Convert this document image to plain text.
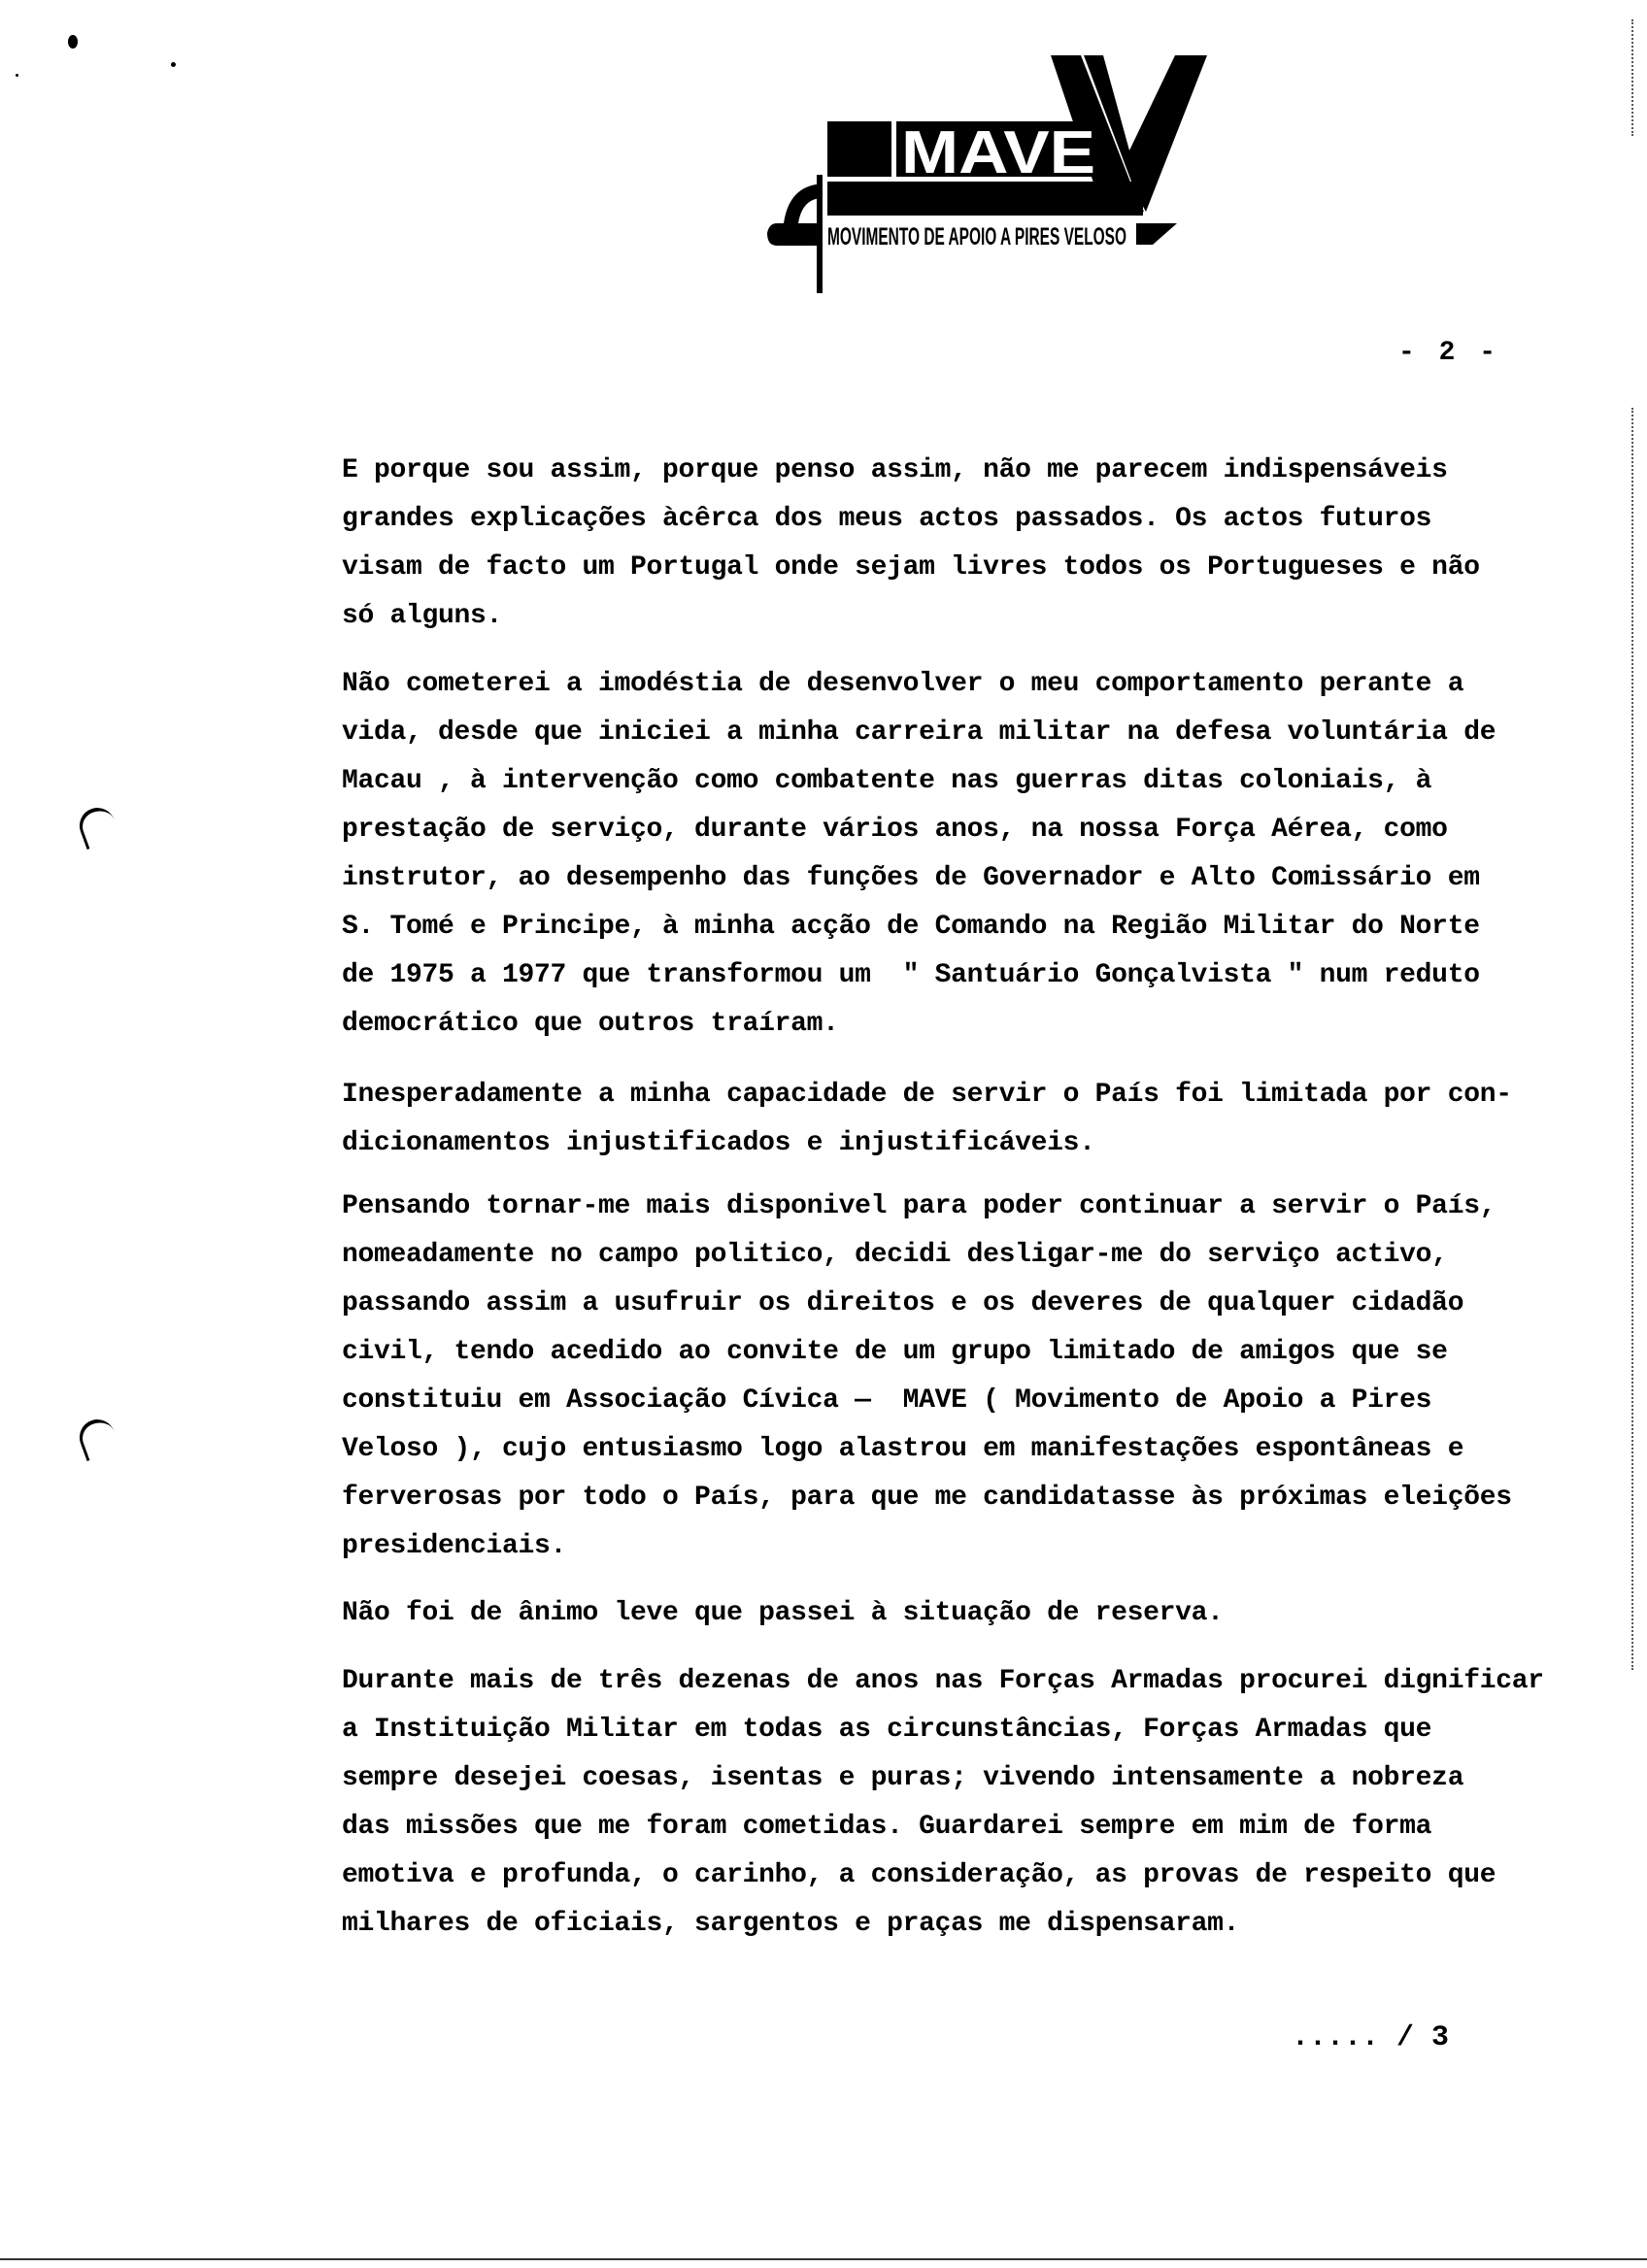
MAVE
MOVIMENTO DE APOIO A PIRES VELOSO
- 2 -
E porque sou assim, porque penso assim, não me parecem indispensáveis
grandes explicações àcêrca dos meus actos passados. Os actos futuros
visam de facto um Portugal onde sejam livres todos os Portugueses e não
só alguns.
Não cometerei a imodéstia de desenvolver o meu comportamento perante a
vida, desde que iniciei a minha carreira militar na defesa voluntária de
Macau , à intervenção como combatente nas guerras ditas coloniais, à
prestação de serviço, durante vários anos, na nossa Força Aérea, como
instrutor, ao desempenho das funções de Governador e Alto Comissário em
S. Tomé e Principe, à minha acção de Comando na Região Militar do Norte
de 1975 a 1977 que transformou um  " Santuário Gonçalvista " num reduto
democrático que outros traíram.
Inesperadamente a minha capacidade de servir o País foi limitada por con-
dicionamentos injustificados e injustificáveis.
Pensando tornar-me mais disponivel para poder continuar a servir o País,
nomeadamente no campo politico, decidi desligar-me do serviço activo,
passando assim a usufruir os direitos e os deveres de qualquer cidadão
civil, tendo acedido ao convite de um grupo limitado de amigos que se
constituiu em Associação Cívica —  MAVE ( Movimento de Apoio a Pires
Veloso ), cujo entusiasmo logo alastrou em manifestações espontâneas e
ferverosas por todo o País, para que me candidatasse às próximas eleições
presidenciais.
Não foi de ânimo leve que passei à situação de reserva.
Durante mais de três dezenas de anos nas Forças Armadas procurei dignificar
a Instituição Militar em todas as circunstâncias, Forças Armadas que
sempre desejei coesas, isentas e puras; vivendo intensamente a nobreza
das missões que me foram cometidas. Guardarei sempre em mim de forma
emotiva e profunda, o carinho, a consideração, as provas de respeito que
milhares de oficiais, sargentos e praças me dispensaram.
..... / 3
